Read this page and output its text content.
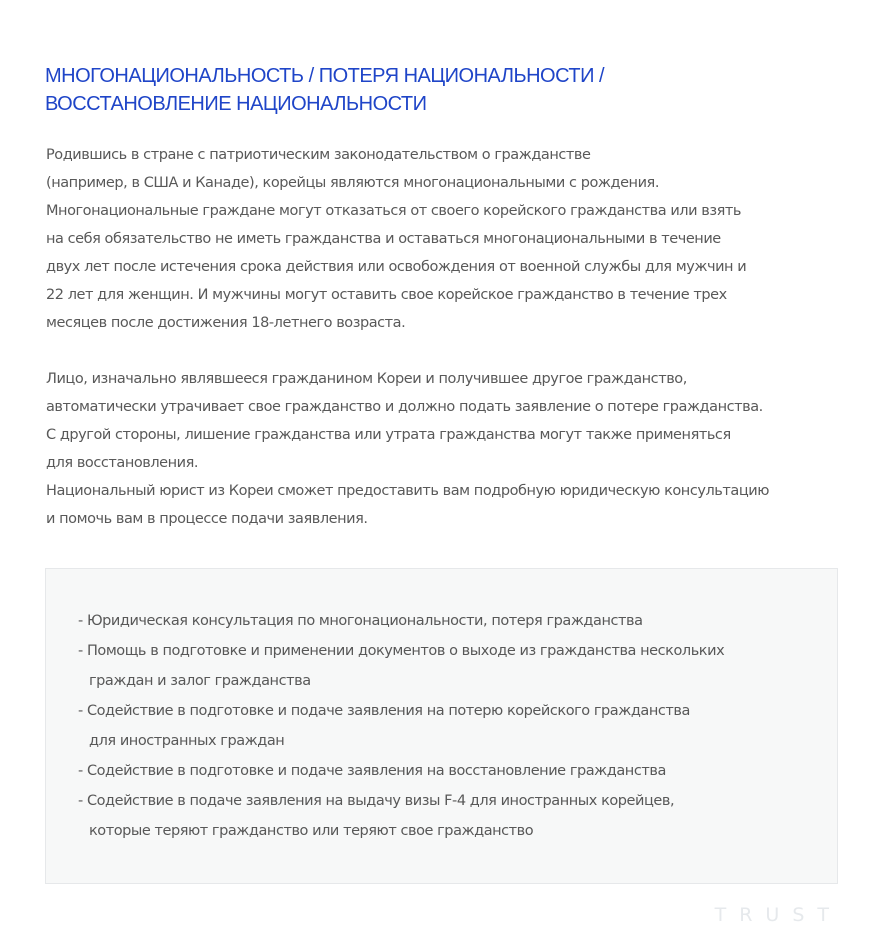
МНОГОНАЦИОНАЛЬНОСТЬ / ПОТЕРЯ НАЦИОНАЛЬНОСТИ /
ВОССТАНОВЛЕНИЕ НАЦИОНАЛЬНОСТИ

Родившись в стране с патриотическим законодательством о гражданстве
(например, в США и Канаде), корейцы являются многонациональными с рождения.
Многонациональные граждане могут отказаться от своего корейского гражданства или взять
на себя обязательство не иметь гражданства и оставаться многонациональными в течение
двух лет после истечения срока действия или освобождения от военной службы для мужчин и
22 лет для женщин. И мужчины могут оставить свое корейское гражданство в течение трех
месяцев после достижения 18-летнего возраста.

Лицо, изначально являвшееся гражданином Кореи и получившее другое гражданство,
автоматически утрачивает свое гражданство и должно подать заявление о потере гражданства.
С другой стороны, лишение гражданства или утрата гражданства могут также применяться
для восстановления.
Национальный юрист из Кореи сможет предоставить вам подробную юридическую консультацию
и помочь вам в процессе подачи заявления.

- Юридическая консультация по многонациональности, потеря гражданства
- Помощь в подготовке и применении документов о выходе из гражданства нескольких
граждан и залог гражданства
- Содействие в подготовке и подаче заявления на потерю корейского гражданства
для иностранных граждан
- Содействие в подготовке и подаче заявления на восстановление гражданства
- Содействие в подаче заявления на выдачу визы F-4 для иностранных корейцев,
которые теряют гражданство или теряют свое гражданство
TRUST
